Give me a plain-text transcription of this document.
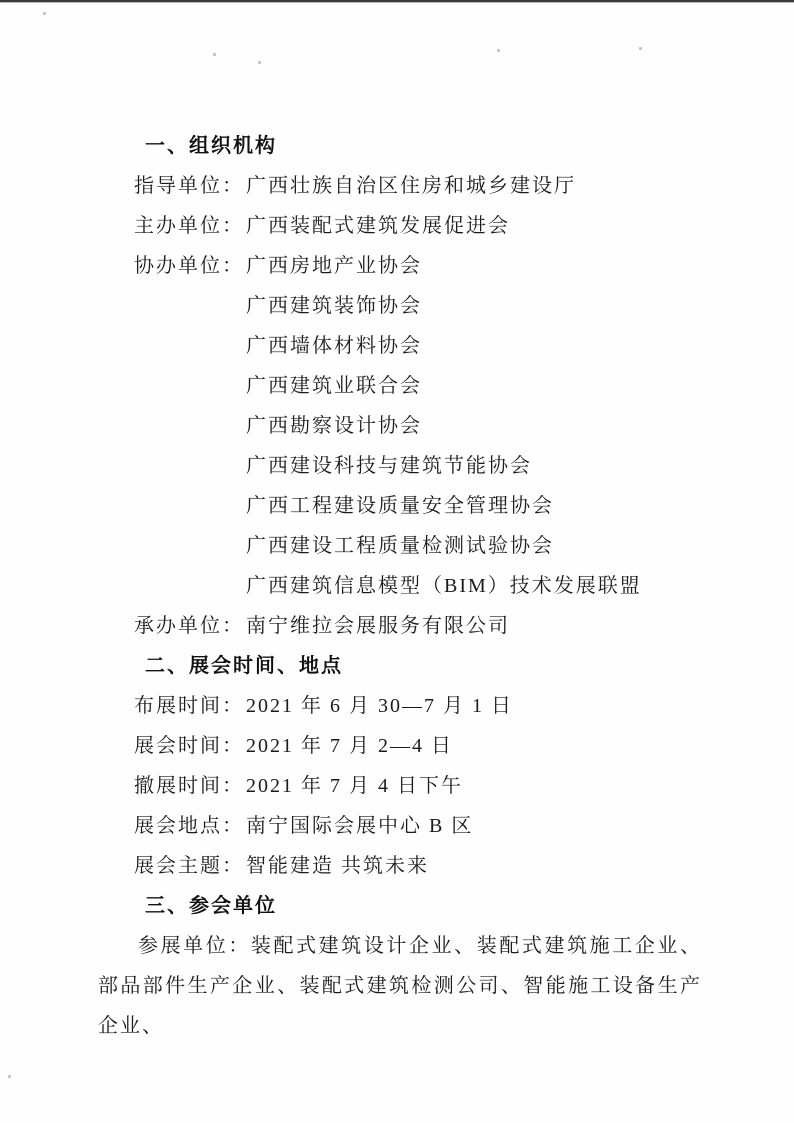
一、组织机构
指导单位： 广西壮族自治区住房和城乡建设厅
主办单位： 广西装配式建筑发展促进会
协办单位： 广西房地产业协会
广西建筑装饰协会
广西墙体材料协会
广西建筑业联合会
广西勘察设计协会
广西建设科技与建筑节能协会
广西工程建设质量安全管理协会
广西建设工程质量检测试验协会
广西建筑信息模型（BIM）技术发展联盟
承办单位： 南宁维拉会展服务有限公司
二、展会时间、地点
布展时间： 2021 年 6 月 30—7 月 1 日
展会时间： 2021 年 7 月 2—4 日
撤展时间： 2021 年 7 月 4 日下午
展会地点： 南宁国际会展中心 B 区
展会主题： 智能建造 共筑未来
三、参会单位
参展单位：装配式建筑设计企业、装配式建筑施工企业、部品部件生产企业、装配式建筑检测公司、智能施工设备生产企业、
